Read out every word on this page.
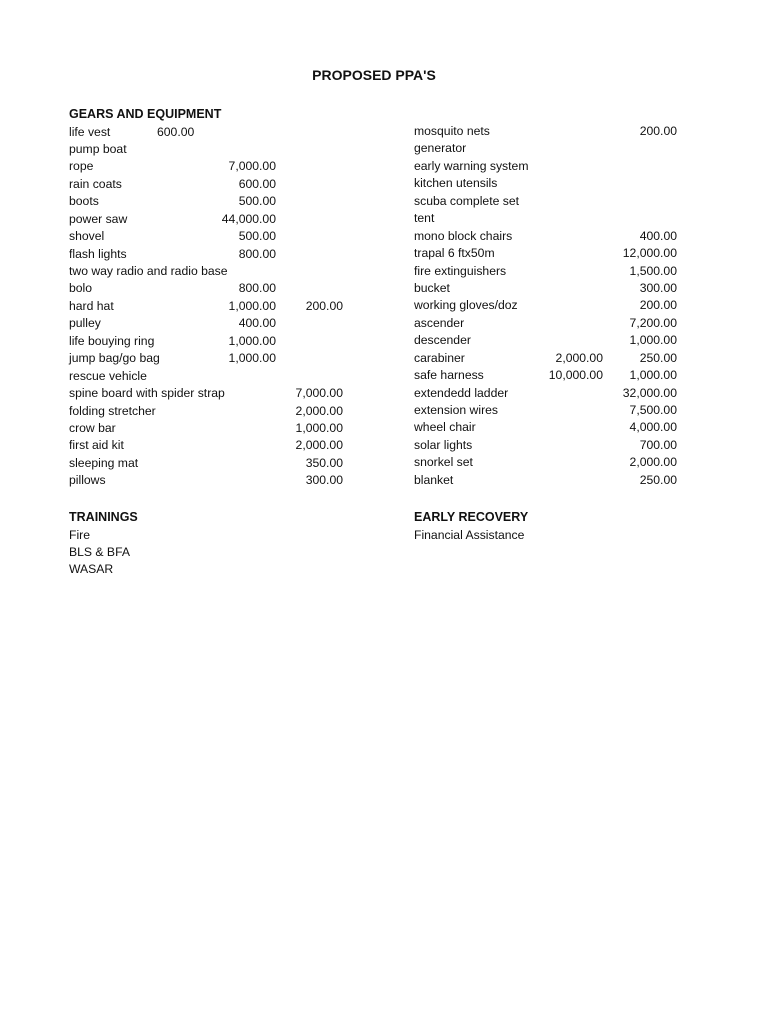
PROPOSED PPA'S
GEARS AND EQUIPMENT
life vest	600.00
pump boat
rope	7,000.00
rain coats	600.00
boots	500.00
power saw	44,000.00
shovel	500.00
flash lights	800.00
two way radio and radio base
bolo	800.00
hard hat	1,000.00 200.00
pulley	400.00
life bouying ring	1,000.00
jump bag/go bag	1,000.00
rescue vehicle
spine board with spider strap	7,000.00
folding stretcher	2,000.00
crow bar	1,000.00
first aid kit	2,000.00
sleeping mat	350.00
pillows	300.00
mosquito nets	200.00
generator
early warning system
kitchen utensils
scuba complete set
tent
mono block chairs	400.00
trapal 6 ftx50m	12,000.00
fire extinguishers	1,500.00
bucket	300.00
working gloves/doz	200.00
ascender	7,200.00
descender	1,000.00
carabiner	2,000.00	250.00
safe harness	10,000.00 1,000.00
extendedd ladder	32,000.00
extension wires	7,500.00
wheel chair	4,000.00
solar lights	700.00
snorkel set	2,000.00
blanket	250.00
TRAININGS
Fire
BLS & BFA
WASAR
EARLY RECOVERY
Financial Assistance
